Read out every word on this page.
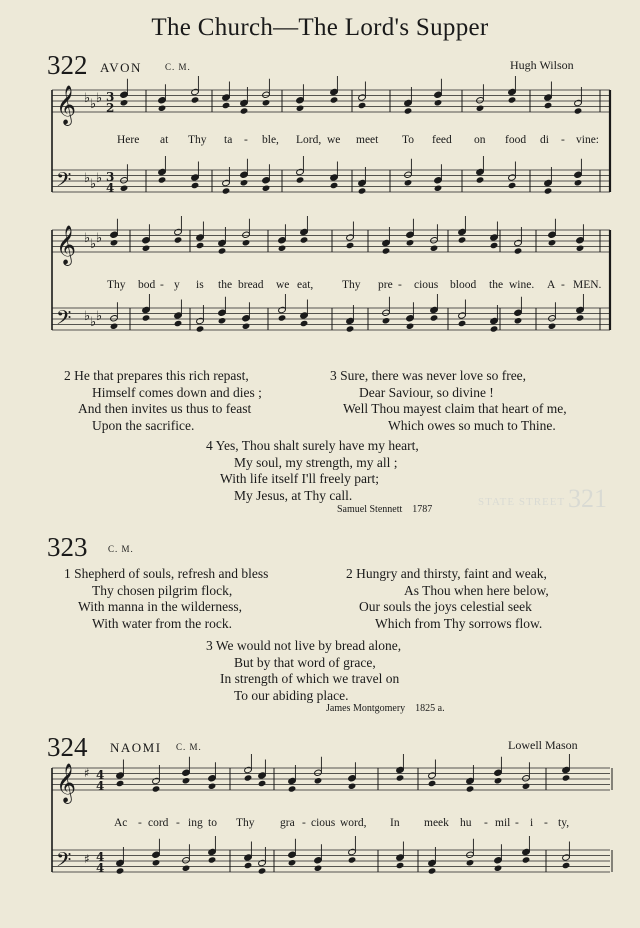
321
STATE STREET
The Church—The Lord's Supper
322 AVON	C. M.	Hugh Wilson
𝄞 ♭ ♭ ♭
𝄢 ♭ ♭ ♭
3
2
3
4
Here at Thy ta - ble, Lord, we meet To feed on food di - vine:
𝄞 ♭ ♭ ♭
𝄢 ♭ ♭ ♭
Thy bod - y is the bread we eat, Thy pre - cious blood the wine. A - MEN.
2 He that prepares this rich repast,
Himself comes down and dies ;
And then invites us thus to feast
Upon the sacrifice.
3 Sure, there was never love so free,
Dear Saviour, so divine !
Well Thou mayest claim that heart of me,
Which owes so much to Thine.
4 Yes, Thou shalt surely have my heart,
My soul, my strength, my all ;
With life itself I'll freely part;
My Jesus, at Thy call.
Samuel Stennett 1787
323 C. M.
1 Shepherd of souls, refresh and bless
Thy chosen pilgrim flock,
With manna in the wilderness,
With water from the rock.
2 Hungry and thirsty, faint and weak,
As Thou when here below,
Our souls the joys celestial seek
Which from Thy sorrows flow.
3 We would not live by bread alone,
But by that word of grace,
In strength of which we travel on
To our abiding place.
James Montgomery 1825 a.
324 NAOMI C. M.	Lowell Mason
𝄞
𝄢
♯
♯
4
4
4
4
Ac - cord - ing to Thy gra - cious word, In meek hu - mil - i - ty,
